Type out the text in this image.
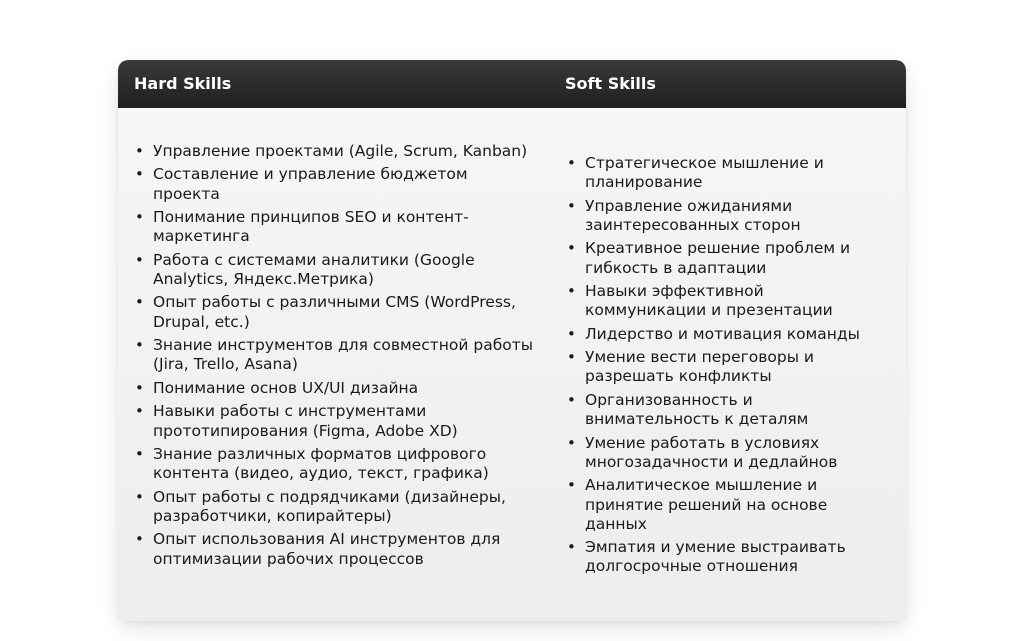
Hard Skills	Soft Skills
• Управление проектами (Agile, Scrum, Kanban)
• Составление и управление бюджетом проекта
• Понимание принципов SEO и контент-маркетинга
• Работа с системами аналитики (Google Analytics, Яндекс.Метрика)
• Опыт работы с различными CMS (WordPress, Drupal, etc.)
• Знание инструментов для совместной работы (Jira, Trello, Asana)
• Понимание основ UX/UI дизайна
• Навыки работы с инструментами прототипирования (Figma, Adobe XD)
• Знание различных форматов цифрового контента (видео, аудио, текст, графика)
• Опыт работы с подрядчиками (дизайнеры, разработчики, копирайтеры)
• Опыт использования AI инструментов для оптимизации рабочих процессов
• Стратегическое мышление и планирование
• Управление ожиданиями заинтересованных сторон
• Креативное решение проблем и гибкость в адаптации
• Навыки эффективной коммуникации и презентации
• Лидерство и мотивация команды
• Умение вести переговоры и разрешать конфликты
• Организованность и внимательность к деталям
• Умение работать в условиях многозадачности и дедлайнов
• Аналитическое мышление и принятие решений на основе данных
• Эмпатия и умение выстраивать долгосрочные отношения
